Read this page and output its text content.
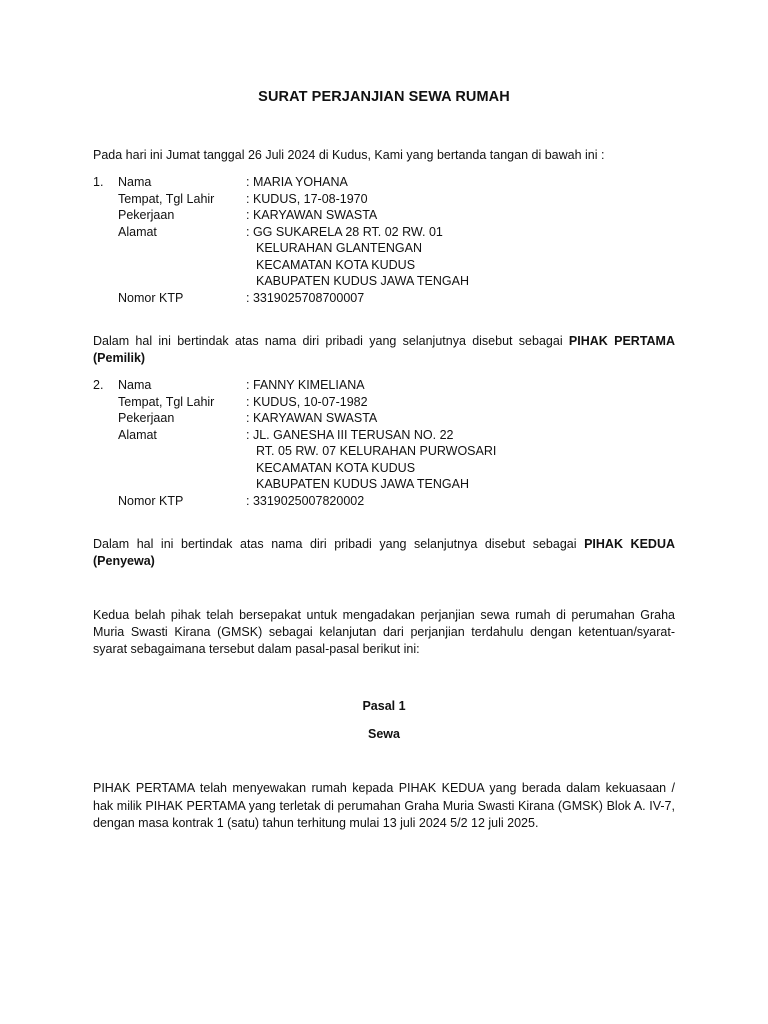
SURAT PERJANJIAN SEWA RUMAH
Pada hari ini Jumat tanggal 26 Juli 2024 di Kudus, Kami yang bertanda tangan di bawah ini :
1.	Nama	: MARIA YOHANA
Tempat, Tgl Lahir	: KUDUS, 17-08-1970
Pekerjaan	: KARYAWAN SWASTA
Alamat	: GG SUKARELA 28 RT. 02 RW. 01
KELURAHAN GLANTENGAN
KECAMATAN KOTA KUDUS
KABUPATEN KUDUS JAWA TENGAH
Nomor KTP	: 3319025708700007
Dalam hal ini bertindak atas nama diri pribadi yang selanjutnya disebut sebagai PIHAK PERTAMA (Pemilik)
2.	Nama	: FANNY KIMELIANA
Tempat, Tgl Lahir	: KUDUS, 10-07-1982
Pekerjaan	: KARYAWAN SWASTA
Alamat	: JL. GANESHA III TERUSAN NO. 22
RT. 05 RW. 07 KELURAHAN PURWOSARI
KECAMATAN KOTA KUDUS
KABUPATEN KUDUS JAWA TENGAH
Nomor KTP	: 3319025007820002
Dalam hal ini bertindak atas nama diri pribadi yang selanjutnya disebut sebagai PIHAK KEDUA (Penyewa)
Kedua belah pihak telah bersepakat untuk mengadakan perjanjian sewa rumah di perumahan Graha Muria Swasti Kirana (GMSK) sebagai kelanjutan dari perjanjian terdahulu dengan ketentuan/syarat-syarat sebagaimana tersebut dalam pasal-pasal berikut ini:
Pasal 1
Sewa
PIHAK PERTAMA telah menyewakan rumah kepada PIHAK KEDUA yang berada dalam kekuasaan / hak milik PIHAK PERTAMA yang terletak di perumahan Graha Muria Swasti Kirana (GMSK) Blok A. IV-7, dengan masa kontrak 1 (satu) tahun terhitung mulai 13 juli 2024 5/2 12 juli 2025.
